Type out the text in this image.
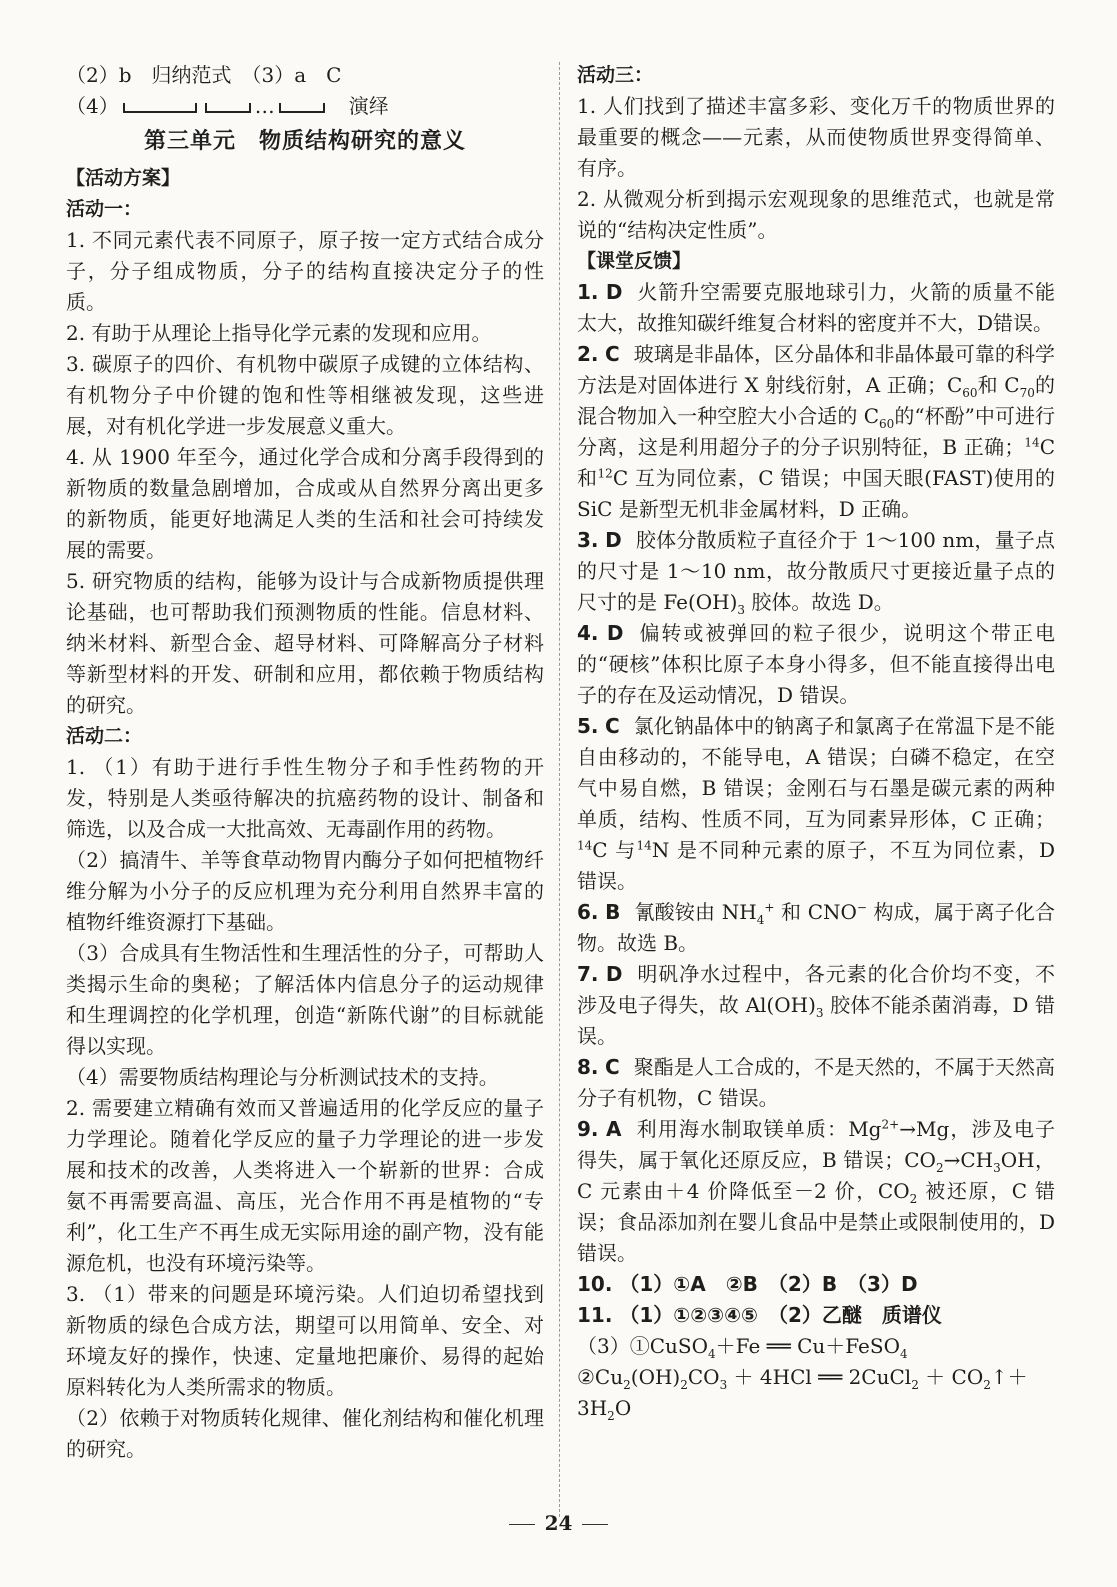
（2）b　归纳范式　（3）a　C

（4）	…　	演绎

第三单元　物质结构研究的意义

【活动方案】

活动一：

1. 不同元素代表不同原子，原子按一定方式结合成分子，分子组成物质，分子的结构直接决定分子的性质。

2. 有助于从理论上指导化学元素的发现和应用。

3. 碳原子的四价、有机物中碳原子成键的立体结构、有机物分子中价键的饱和性等相继被发现，这些进展，对有机化学进一步发展意义重大。

4. 从 1900 年至今，通过化学合成和分离手段得到的新物质的数量急剧增加，合成或从自然界分离出更多的新物质，能更好地满足人类的生活和社会可持续发展的需要。

5. 研究物质的结构，能够为设计与合成新物质提供理论基础，也可帮助我们预测物质的性能。信息材料、纳米材料、新型合金、超导材料、可降解高分子材料等新型材料的开发、研制和应用，都依赖于物质结构的研究。

活动二：

1. （1）有助于进行手性生物分子和手性药物的开发，特别是人类亟待解决的抗癌药物的设计、制备和筛选，以及合成一大批高效、无毒副作用的药物。

（2）搞清牛、羊等食草动物胃内酶分子如何把植物纤维分解为小分子的反应机理为充分利用自然界丰富的植物纤维资源打下基础。

（3）合成具有生物活性和生理活性的分子，可帮助人类揭示生命的奥秘；了解活体内信息分子的运动规律和生理调控的化学机理，创造“新陈代谢”的目标就能得以实现。

（4）需要物质结构理论与分析测试技术的支持。

2. 需要建立精确有效而又普遍适用的化学反应的量子力学理论。随着化学反应的量子力学理论的进一步发展和技术的改善，人类将进入一个崭新的世界：合成氨不再需要高温、高压，光合作用不再是植物的“专利”，化工生产不再生成无实际用途的副产物，没有能源危机，也没有环境污染等。

3. （1）带来的问题是环境污染。人们迫切希望找到新物质的绿色合成方法，期望可以用简单、安全、对环境友好的操作，快速、定量地把廉价、易得的起始原料转化为人类所需求的物质。

（2）依赖于对物质转化规律、催化剂结构和催化机理的研究。

活动三：

1. 人们找到了描述丰富多彩、变化万千的物质世界的最重要的概念——元素，从而使物质世界变得简单、有序。

2. 从微观分析到揭示宏观现象的思维范式，也就是常说的“结构决定性质”。

【课堂反馈】

1. D 火箭升空需要克服地球引力，火箭的质量不能太大，故推知碳纤维复合材料的密度并不大，D错误。

2. C 玻璃是非晶体，区分晶体和非晶体最可靠的科学方法是对固体进行 X 射线衍射，A 正确；$C_{60}$和 $C_{70}$的混合物加入一种空腔大小合适的 $C_{60}$的“杯酚”中可进行分离，这是利用超分子的分子识别特征，B 正确；$^{14}$C 和$^{12}$C 互为同位素，C 错误；中国天眼(FAST)使用的 SiC 是新型无机非金属材料，D 正确。

3. D 胶体分散质粒子直径介于 1～100 nm，量子点的尺寸是 1～10 nm，故分散质尺寸更接近量子点的尺寸的是 $Fe(OH)_3$ 胶体。故选 D。

4. D 偏转或被弹回的粒子很少，说明这个带正电的“硬核”体积比原子本身小得多，但不能直接得出电子的存在及运动情况，D 错误。

5. C 氯化钠晶体中的钠离子和氯离子在常温下是不能自由移动的，不能导电，A 错误；白磷不稳定，在空气中易自燃，B 错误；金刚石与石墨是碳元素的两种单质，结构、性质不同，互为同素异形体，C 正确；$^{14}$C 与$^{14}$N 是不同种元素的原子，不互为同位素，D 错误。

6. B 氰酸铵由 $NH_4^+$ 和 CNO− 构成，属于离子化合物。故选 B。

7. D 明矾净水过程中，各元素的化合价均不变，不涉及电子得失，故 $Al(OH)_3$ 胶体不能杀菌消毒，D 错误。

8. C 聚酯是人工合成的，不是天然的，不属于天然高分子有机物，C 错误。

9. A 利用海水制取镁单质：$Mg^{2+}\to Mg$，涉及电子得失，属于氧化还原反应，B 错误；$CO_2\to CH_3OH$，C 元素由＋4 价降低至－2 价，$CO_2$ 被还原，C 错误；食品添加剂在婴儿食品中是禁止或限制使用的，D 错误。

10. （1）①A　②B　（2）B　（3）D

11. （1）①②③④⑤　（2）乙醚　质谱仪

（3）①CuSO$_4$＋Fe ══ Cu＋FeSO$_4$

$②Cu_2(OH)_2CO_3 + 4HCl$ ══ 2CuCl$_2$ ＋ $CO_2↑+$

$3H_2O$

24
